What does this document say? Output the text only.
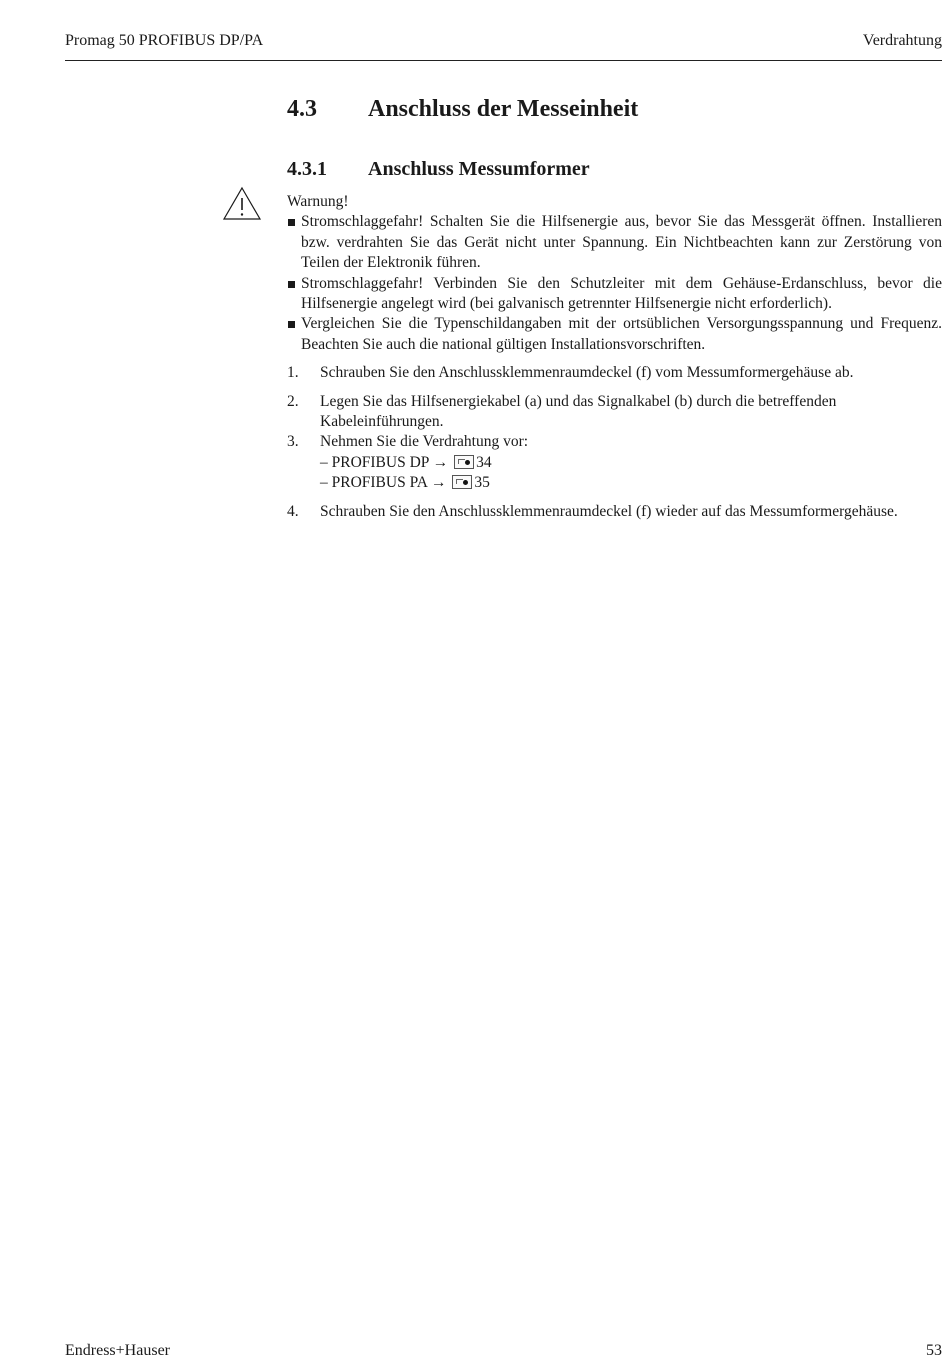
Promag 50 PROFIBUS DP/PA	Verdrahtung
4.3 Anschluss der Messeinheit
4.3.1 Anschluss Messumformer

Warnung!

Stromschlaggefahr! Schalten Sie die Hilfsenergie aus, bevor Sie das Messgerät öffnen. Installieren bzw. verdrahten Sie das Gerät nicht unter Spannung. Ein Nichtbeachten kann zur Zerstörung von Teilen der Elektronik führen.
Stromschlaggefahr! Verbinden Sie den Schutzleiter mit dem Gehäuse-Erdanschluss, bevor die Hilfsenergie angelegt wird (bei galvanisch getrennter Hilfsenergie nicht erforderlich).
Vergleichen Sie die Typenschildangaben mit der ortsüblichen Versorgungsspannung und Frequenz. Beachten Sie auch die national gültigen Installationsvorschriften.
1. Schrauben Sie den Anschlussklemmenraumdeckel (f) vom Messumformergehäuse ab.
2. Legen Sie das Hilfsenergiekabel (a) und das Signalkabel (b) durch die betreffenden Kabeleinführungen.
3. Nehmen Sie die Verdrahtung vor:
– PROFIBUS DP → 34
– PROFIBUS PA → 35
4. Schrauben Sie den Anschlussklemmenraumdeckel (f) wieder auf das Messumformergehäuse.
Endress+Hauser	53
